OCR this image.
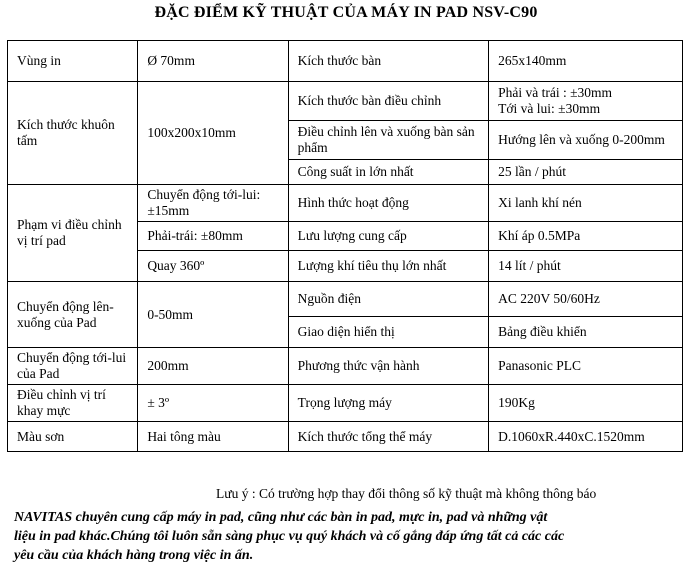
ĐẶC ĐIỂM KỸ THUẬT CỦA MÁY IN PAD NSV-C90
Vùng in	Ø 70mm	Kích thước bàn	265x140mm
Kích thước khuôn tấm	100x200x10mm	Kích thước bàn điều chỉnh	Phải và trái : ±30mm
Tới và lui: ±30mm

		Điều chỉnh lên và xuống bàn sản phẩm	Hướng lên và xuống 0-200mm
		Công suất in lớn nhất	25 lần / phút
Phạm vi điều chỉnh vị trí pad	Chuyển động tới-lui: ±15mm	Hình thức hoạt động	Xi lanh khí nén
	Phải-trái: ±80mm	Lưu lượng cung cấp	Khí áp 0.5MPa
	Quay 360º	Lượng khí tiêu thụ lớn nhất	14 lít / phút
Chuyển động lên-xuống của Pad	0-50mm	Nguồn điện	AC 220V 50/60Hz
		Giao diện hiển thị	Bảng điều khiển
Chuyển động tới-lui của Pad	200mm	Phương thức vận hành	Panasonic PLC
Điều chỉnh vị trí khay mực	± 3º	Trọng lượng máy	190Kg
Màu sơn	Hai tông màu	Kích thước tổng thể máy	D.1060xR.440xC.1520mm
Lưu ý : Có trường hợp thay đổi thông số kỹ thuật mà không thông báo
NAVITAS chuyên cung cấp máy in pad, cũng như các bàn in pad, mực in, pad và những vật
liệu in pad khác.Chúng tôi luôn sẵn sàng phục vụ quý khách và cố gắng đáp ứng tất cả các các
yêu cầu của khách hàng trong việc in ấn.
